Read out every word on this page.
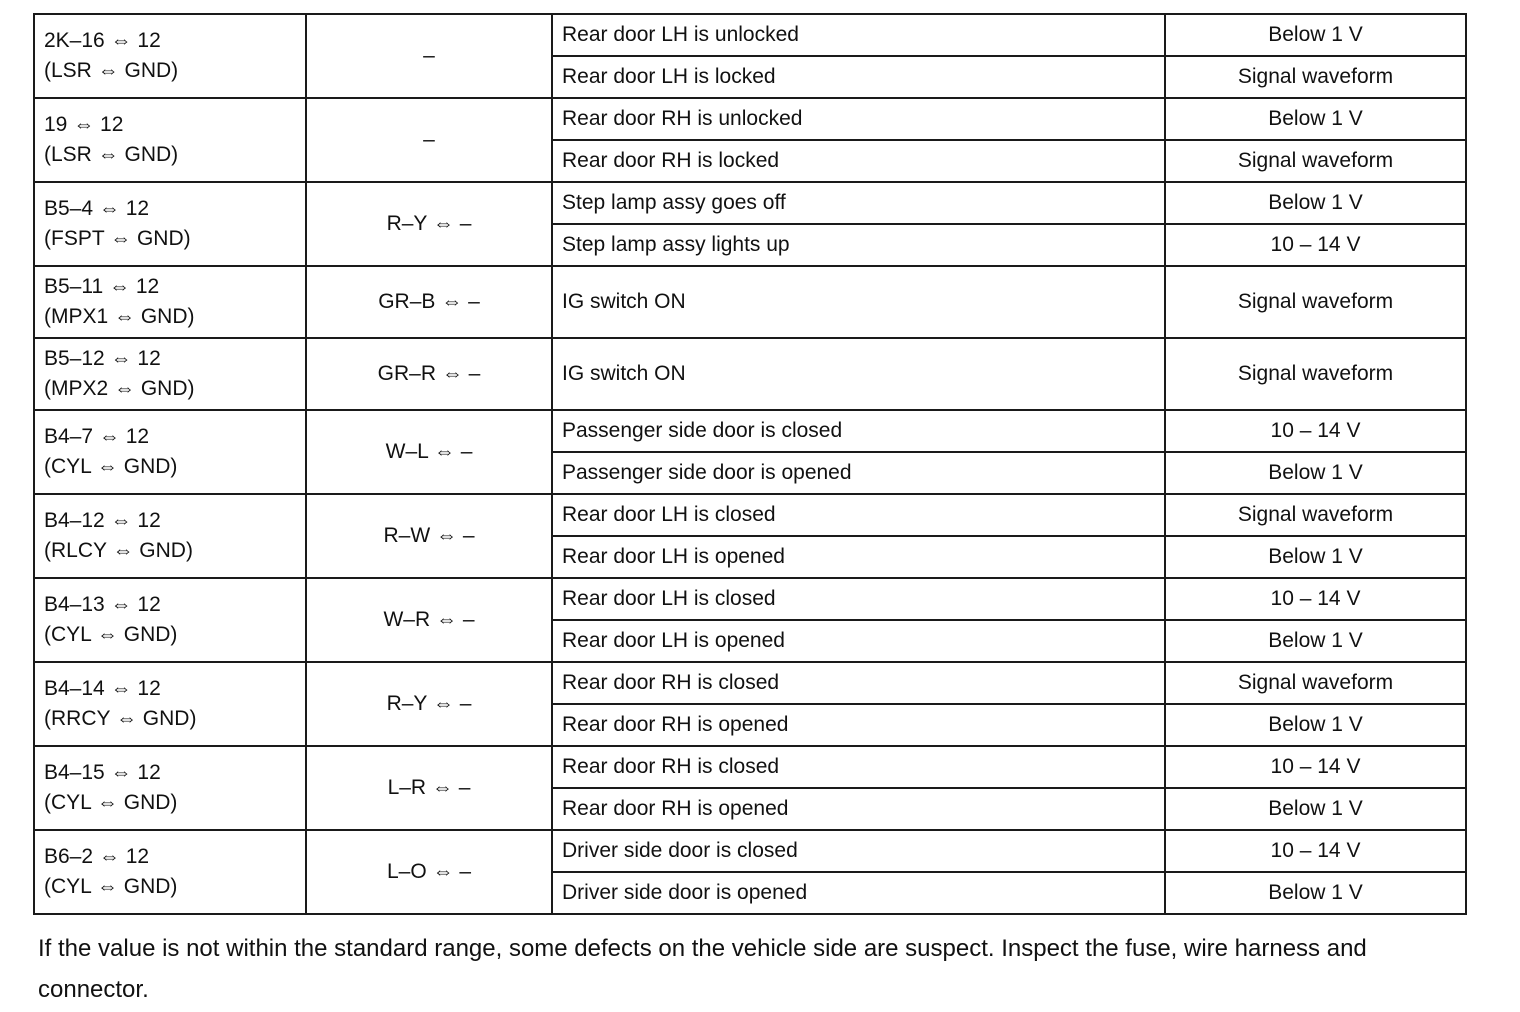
2K–16 ⇔ 12
(LSR ⇔ GND)	–	Rear door LH is unlocked	Below 1 V
		Rear door LH is locked	Signal waveform

19 ⇔ 12
(LSR ⇔ GND)	–	Rear door RH is unlocked	Below 1 V
		Rear door RH is locked	Signal waveform

B5–4 ⇔ 12
(FSPT ⇔ GND)	R–Y ⇔ –	Step lamp assy goes off	Below 1 V
		Step lamp assy lights up	10 – 14 V

B5–11 ⇔ 12
(MPX1 ⇔ GND)	GR–B ⇔ –	IG switch ON	Signal waveform

B5–12 ⇔ 12
(MPX2 ⇔ GND)	GR–R ⇔ –	IG switch ON	Signal waveform

B4–7 ⇔ 12
(CYL ⇔ GND)	W–L ⇔ –	Passenger side door is closed	10 – 14 V
		Passenger side door is opened	Below 1 V

B4–12 ⇔ 12
(RLCY ⇔ GND)	R–W ⇔ –	Rear door LH is closed	Signal waveform
		Rear door LH is opened	Below 1 V

B4–13 ⇔ 12
(CYL ⇔ GND)	W–R ⇔ –	Rear door LH is closed	10 – 14 V
		Rear door LH is opened	Below 1 V

B4–14 ⇔ 12
(RRCY ⇔ GND)	R–Y ⇔ –	Rear door RH is closed	Signal waveform
		Rear door RH is opened	Below 1 V

B4–15 ⇔ 12
(CYL ⇔ GND)	L–R ⇔ –	Rear door RH is closed	10 – 14 V
		Rear door RH is opened	Below 1 V

B6–2 ⇔ 12
(CYL ⇔ GND)	L–O ⇔ –	Driver side door is closed	10 – 14 V
		Driver side door is opened	Below 1 V

If the value is not within the standard range, some defects on the vehicle side are suspect. Inspect the fuse, wire harness and connector.
